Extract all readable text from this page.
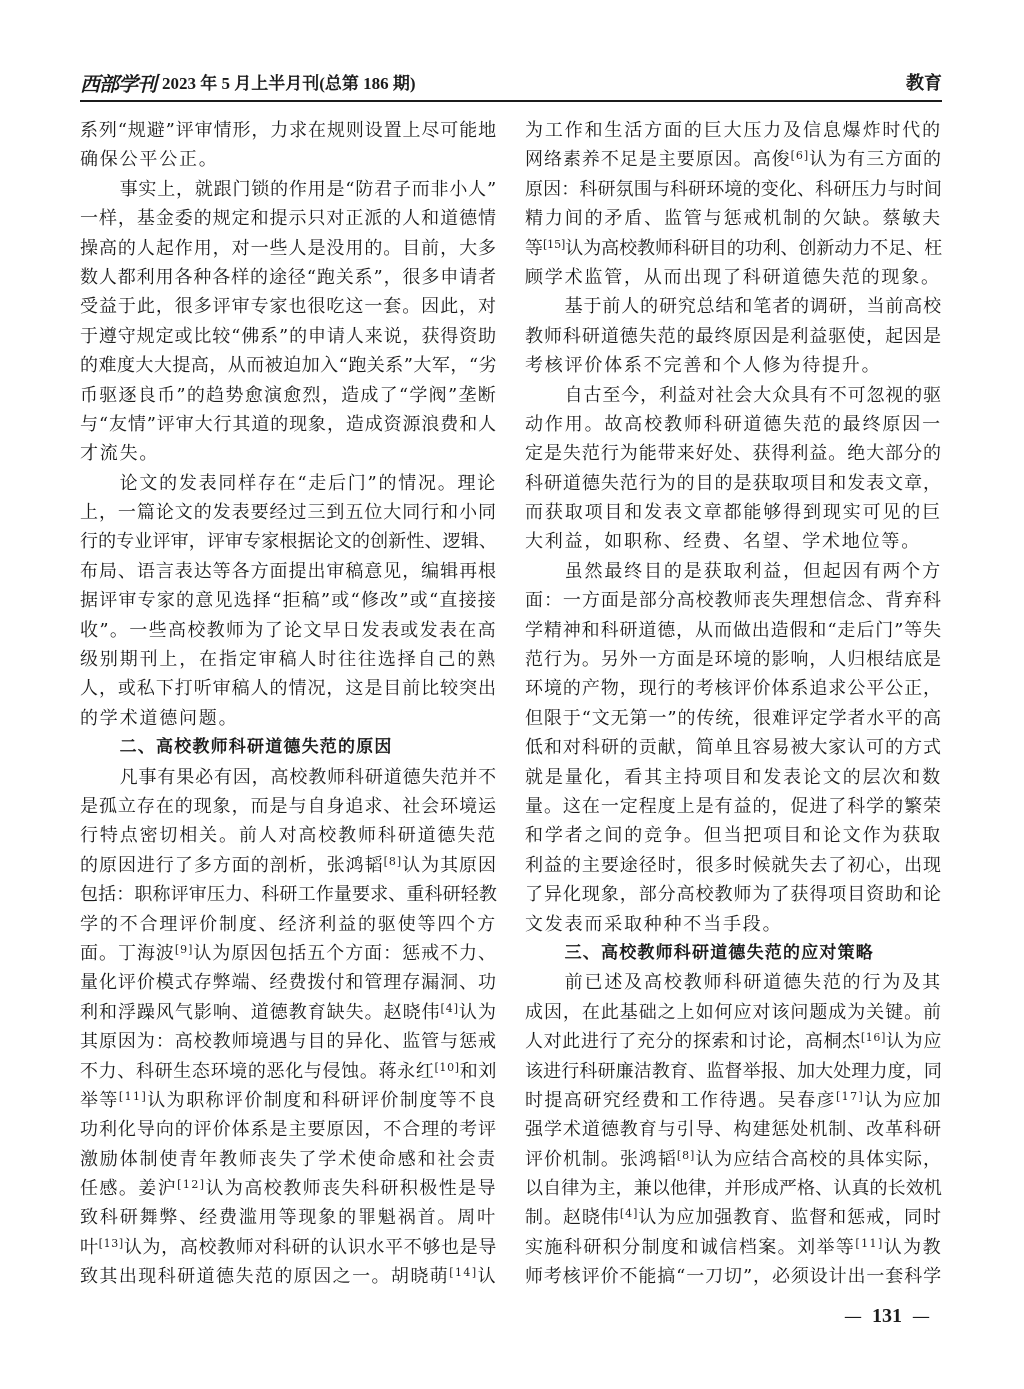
西部学刊 2023 年 5 月上半月刊(总第 186 期)	教育
系列“规避”评审情形，力求在规则设置上尽可能地
确保公平公正。
事实上，就跟门锁的作用是“防君子而非小人”
一样，基金委的规定和提示只对正派的人和道德情
操高的人起作用，对一些人是没用的。目前，大多
数人都利用各种各样的途径“跑关系”，很多申请者
受益于此，很多评审专家也很吃这一套。因此，对
于遵守规定或比较“佛系”的申请人来说，获得资助
的难度大大提高，从而被迫加入“跑关系”大军，“劣
币驱逐良币”的趋势愈演愈烈，造成了“学阀”垄断
与“友情”评审大行其道的现象，造成资源浪费和人
才流失。
论文的发表同样存在“走后门”的情况。理论
上，一篇论文的发表要经过三到五位大同行和小同
行的专业评审，评审专家根据论文的创新性、逻辑、
布局、语言表达等各方面提出审稿意见，编辑再根
据评审专家的意见选择“拒稿”或“修改”或“直接接
收”。一些高校教师为了论文早日发表或发表在高
级别期刊上，在指定审稿人时往往选择自己的熟
人，或私下打听审稿人的情况，这是目前比较突出
的学术道德问题。
二、高校教师科研道德失范的原因
凡事有果必有因，高校教师科研道德失范并不
是孤立存在的现象，而是与自身追求、社会环境运
行特点密切相关。前人对高校教师科研道德失范
的原因进行了多方面的剖析，张鸿韬[8]认为其原因
包括：职称评审压力、科研工作量要求、重科研轻教
学的不合理评价制度、经济利益的驱使等四个方
面。丁海波[9]认为原因包括五个方面：惩戒不力、
量化评价模式存弊端、经费拨付和管理存漏洞、功
利和浮躁风气影响、道德教育缺失。赵晓伟[4]认为
其原因为：高校教师境遇与目的异化、监管与惩戒
不力、科研生态环境的恶化与侵蚀。蒋永红[10]和刘
举等[11]认为职称评价制度和科研评价制度等不良
功利化导向的评价体系是主要原因，不合理的考评
激励体制使青年教师丧失了学术使命感和社会责
任感。姜沪[12]认为高校教师丧失科研积极性是导
致科研舞弊、经费滥用等现象的罪魁祸首。周叶
叶[13]认为，高校教师对科研的认识水平不够也是导
致其出现科研道德失范的原因之一。胡晓萌[14]认
为工作和生活方面的巨大压力及信息爆炸时代的
网络素养不足是主要原因。高俊[6]认为有三方面的
原因：科研氛围与科研环境的变化、科研压力与时间
精力间的矛盾、监管与惩戒机制的欠缺。蔡敏夫
等[15]认为高校教师科研目的功利、创新动力不足、枉
顾学术监管，从而出现了科研道德失范的现象。
基于前人的研究总结和笔者的调研，当前高校
教师科研道德失范的最终原因是利益驱使，起因是
考核评价体系不完善和个人修为待提升。
自古至今，利益对社会大众具有不可忽视的驱
动作用。故高校教师科研道德失范的最终原因一
定是失范行为能带来好处、获得利益。绝大部分的
科研道德失范行为的目的是获取项目和发表文章，
而获取项目和发表文章都能够得到现实可见的巨
大利益，如职称、经费、名望、学术地位等。
虽然最终目的是获取利益，但起因有两个方
面：一方面是部分高校教师丧失理想信念、背弃科
学精神和科研道德，从而做出造假和“走后门”等失
范行为。另外一方面是环境的影响，人归根结底是
环境的产物，现行的考核评价体系追求公平公正，
但限于“文无第一”的传统，很难评定学者水平的高
低和对科研的贡献，简单且容易被大家认可的方式
就是量化，看其主持项目和发表论文的层次和数
量。这在一定程度上是有益的，促进了科学的繁荣
和学者之间的竞争。但当把项目和论文作为获取
利益的主要途径时，很多时候就失去了初心，出现
了异化现象，部分高校教师为了获得项目资助和论
文发表而采取种种不当手段。
三、高校教师科研道德失范的应对策略
前已述及高校教师科研道德失范的行为及其
成因，在此基础之上如何应对该问题成为关键。前
人对此进行了充分的探索和讨论，高桐杰[16]认为应
该进行科研廉洁教育、监督举报、加大处理力度，同
时提高研究经费和工作待遇。吴春彦[17]认为应加
强学术道德教育与引导、构建惩处机制、改革科研
评价机制。张鸿韬[8]认为应结合高校的具体实际，
以自律为主，兼以他律，并形成严格、认真的长效机
制。赵晓伟[4]认为应加强教育、监督和惩戒，同时
实施科研积分制度和诚信档案。刘举等[11]认为教
师考核评价不能搞“一刀切”，必须设计出一套科学
— 131 —
